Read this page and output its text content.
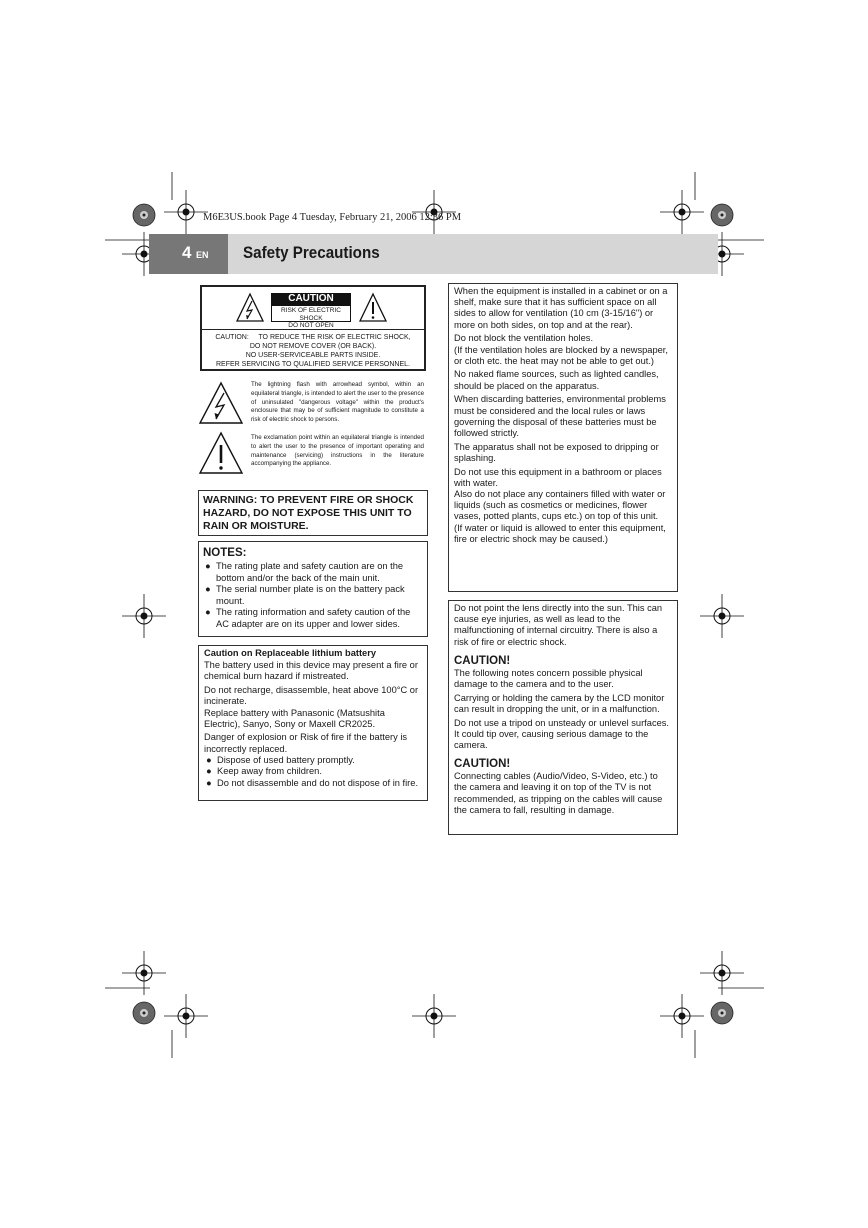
M6E3US.book Page 4 Tuesday, February 21, 2006 12:36 PM
4 EN Safety Precautions
CAUTION
RISK OF ELECTRIC SHOCK
DO NOT OPEN
CAUTION:     TO REDUCE THE RISK OF ELECTRIC SHOCK,
DO NOT REMOVE COVER (OR BACK).
NO USER-SERVICEABLE PARTS INSIDE.
REFER SERVICING TO QUALIFIED SERVICE PERSONNEL.
The lightning flash with arrowhead symbol, within an equilateral triangle, is intended to alert the user to the presence of uninsulated "dangerous voltage" within the product's enclosure that may be of sufficient magnitude to constitute a risk of electric shock to persons.
The exclamation point within an equilateral triangle is intended to alert the user to the presence of important operating and maintenance (servicing) instructions in the literature accompanying the appliance.
WARNING: TO PREVENT FIRE OR SHOCK
HAZARD, DO NOT EXPOSE THIS UNIT TO
RAIN OR MOISTURE.
NOTES:
● The rating plate and safety caution are on the bottom and/or the back of the main unit.
● The serial number plate is on the battery pack mount.
● The rating information and safety caution of the AC adapter are on its upper and lower sides.
Caution on Replaceable lithium battery
The battery used in this device may present a fire or chemical burn hazard if mistreated.
Do not recharge, disassemble, heat above 100°C or incinerate.
Replace battery with Panasonic (Matsushita Electric), Sanyo, Sony or Maxell CR2025.
Danger of explosion or Risk of fire if the battery is incorrectly replaced.
● Dispose of used battery promptly.
● Keep away from children.
● Do not disassemble and do not dispose of in fire.
When the equipment is installed in a cabinet or on a shelf, make sure that it has sufficient space on all sides to allow for ventilation (10 cm (3-15/16") or more on both sides, on top and at the rear).
Do not block the ventilation holes.
(If the ventilation holes are blocked by a newspaper, or cloth etc. the heat may not be able to get out.)
No naked flame sources, such as lighted candles, should be placed on the apparatus.
When discarding batteries, environmental problems must be considered and the local rules or laws governing the disposal of these batteries must be followed strictly.
The apparatus shall not be exposed to dripping or splashing.
Do not use this equipment in a bathroom or places with water.
Also do not place any containers filled with water or liquids (such as cosmetics or medicines, flower vases, potted plants, cups etc.) on top of this unit.
(If water or liquid is allowed to enter this equipment, fire or electric shock may be caused.)
Do not point the lens directly into the sun. This can cause eye injuries, as well as lead to the malfunctioning of internal circuitry. There is also a risk of fire or electric shock.
CAUTION!
The following notes concern possible physical damage to the camera and to the user.
Carrying or holding the camera by the LCD monitor can result in dropping the unit, or in a malfunction.
Do not use a tripod on unsteady or unlevel surfaces. It could tip over, causing serious damage to the camera.
CAUTION!
Connecting cables (Audio/Video, S-Video, etc.) to the camera and leaving it on top of the TV is not recommended, as tripping on the cables will cause the camera to fall, resulting in damage.
